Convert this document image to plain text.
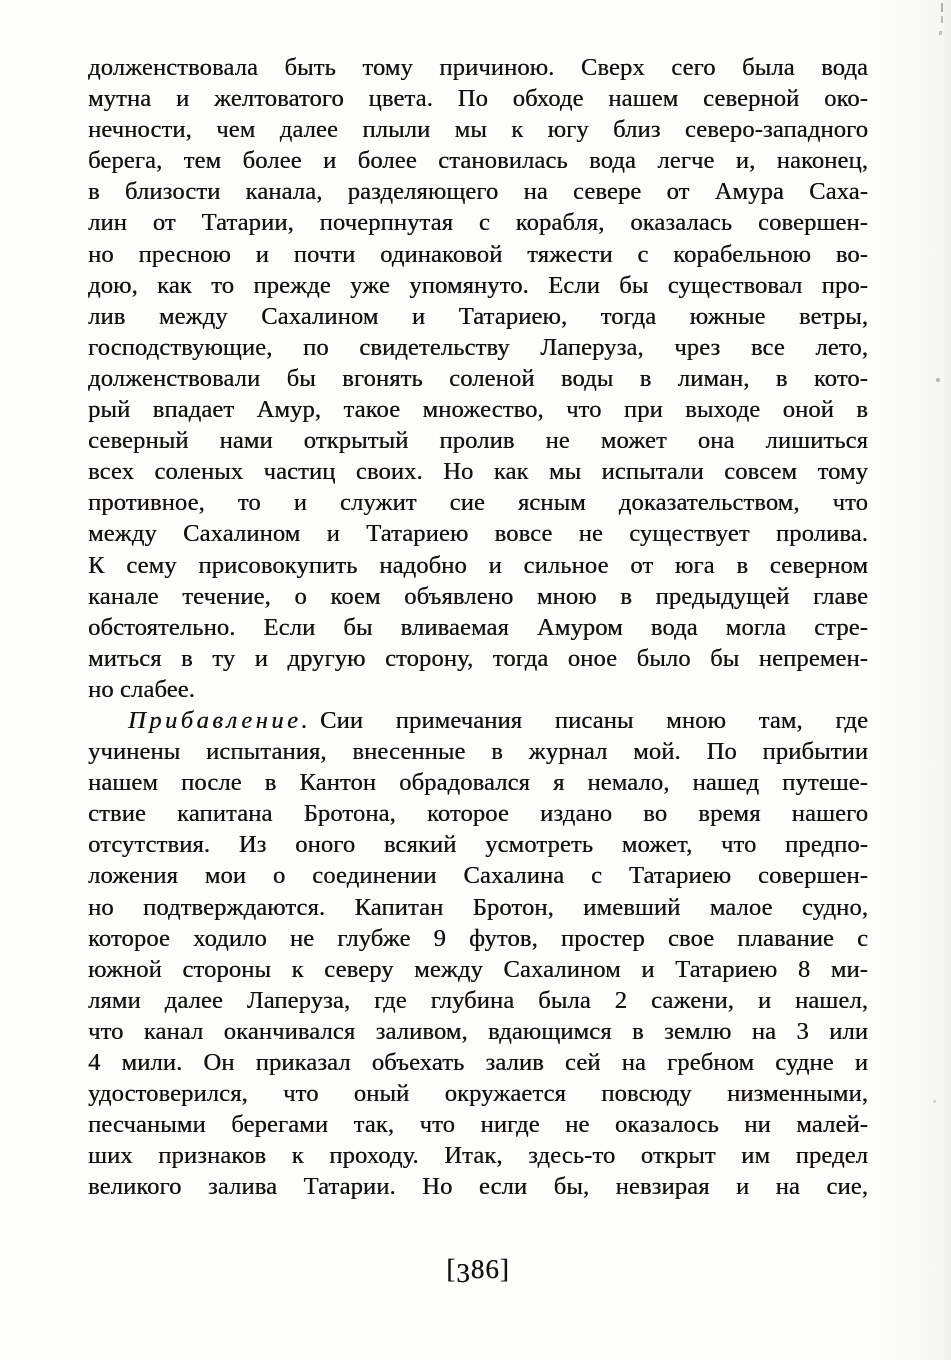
долженствовала быть тому причиною. Сверх сего была вода
мутна и желтоватого цвета. По обходе нашем северной око-
нечности, чем далее плыли мы к югу близ северо-западного
берега, тем более и более становилась вода легче и, наконец,
в близости канала, разделяющего на севере от Амура Саха-
лин от Татарии, почерпнутая с корабля, оказалась совершен-
но пресною и почти одинаковой тяжести с корабельною во-
дою, как то прежде уже упомянуто. Если бы существовал про-
лив между Сахалином и Татариею, тогда южные ветры,
господствующие, по свидетельству Лаперуза, чрез все лето,
долженствовали бы вгонять соленой воды в лиман, в кото-
рый впадает Амур, такое множество, что при выходе оной в
северный нами открытый пролив не может она лишиться
всех соленых частиц своих. Но как мы испытали совсем тому
противное, то и служит сие ясным доказательством, что
между Сахалином и Татариею вовсе не существует пролива.
К сему присовокупить надобно и сильное от юга в северном
канале течение, о коем объявлено мною в предыдущей главе
обстоятельно. Если бы вливаемая Амуром вода могла стре-
миться в ту и другую сторону, тогда оное было бы непремен-
но слабее.
Прибавление. Сии примечания писаны мною там, где
учинены испытания, внесенные в журнал мой. По прибытии
нашем после в Кантон обрадовался я немало, нашед путеше-
ствие капитана Бротона, которое издано во время нашего
отсутствия. Из оного всякий усмотреть может, что предпо-
ложения мои о соединении Сахалина с Татариею совершен-
но подтверждаются. Капитан Бротон, имевший малое судно,
которое ходило не глубже 9 футов, простер свое плавание с
южной стороны к северу между Сахалином и Татариею 8 ми-
лями далее Лаперуза, где глубина была 2 сажени, и нашел,
что канал оканчивался заливом, вдающимся в землю на 3 или
4 мили. Он приказал объехать залив сей на гребном судне и
удостоверился, что оный окружается повсюду низменными,
песчаными берегами так, что нигде не оказалось ни малей-
ших признаков к проходу. Итак, здесь-то открыт им предел
великого залива Татарии. Но если бы, невзирая и на сие,
[386]
